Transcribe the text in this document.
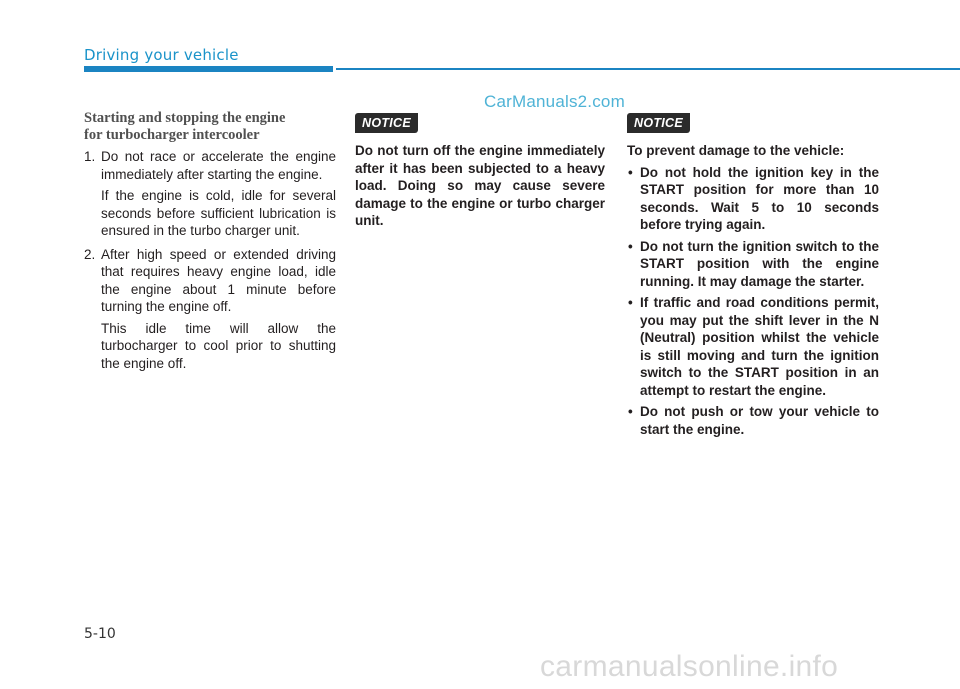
Driving your vehicle
CarManuals2.com
Starting and stopping the engine
for turbocharger intercooler
1. Do not race or accelerate the engine immediately after starting the engine.
If the engine is cold, idle for several seconds before sufficient lubrication is ensured in the turbo charger unit.
2. After high speed or extended driving that requires heavy engine load, idle the engine about 1 minute before turning the engine off.
This idle time will allow the turbocharger to cool prior to shutting the engine off.
NOTICE

Do not turn off the engine immediately after it has been subjected to a heavy load. Doing so may cause severe damage to the engine or turbo charger unit.

NOTICE

To prevent damage to the vehicle:

• Do not hold the ignition key in the START position for more than 10 seconds. Wait 5 to 10 seconds before trying again.
• Do not turn the ignition switch to the START position with the engine running. It may damage the starter.
• If traffic and road conditions permit, you may put the shift lever in the N (Neutral) position whilst the vehicle is still moving and turn the ignition switch to the START position in an attempt to restart the engine.
• Do not push or tow your vehicle to start the engine.
5-10
carmanualsonline.info
